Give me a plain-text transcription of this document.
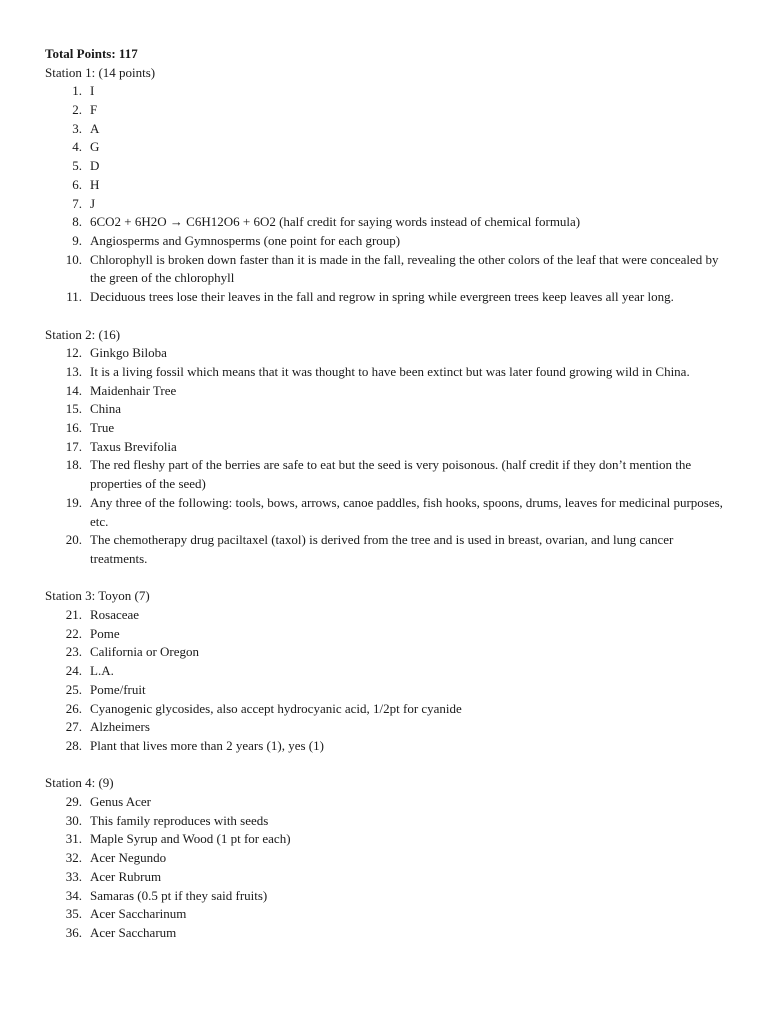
Total Points: 117
Station 1: (14 points)
1. I
2. F
3. A
4. G
5. D
6. H
7. J
8. 6CO2 + 6H2O → C6H12O6 + 6O2 (half credit for saying words instead of chemical formula)
9. Angiosperms and Gymnosperms (one point for each group)
10. Chlorophyll is broken down faster than it is made in the fall, revealing the other colors of the leaf that were concealed by the green of the chlorophyll
11. Deciduous trees lose their leaves in the fall and regrow in spring while evergreen trees keep leaves all year long.
Station 2: (16)
12. Ginkgo Biloba
13. It is a living fossil which means that it was thought to have been extinct but was later found growing wild in China.
14. Maidenhair Tree
15. China
16. True
17. Taxus Brevifolia
18. The red fleshy part of the berries are safe to eat but the seed is very poisonous. (half credit if they don’t mention the properties of the seed)
19. Any three of the following: tools, bows, arrows, canoe paddles, fish hooks, spoons, drums, leaves for medicinal purposes, etc.
20. The chemotherapy drug paciltaxel (taxol) is derived from the tree and is used in breast, ovarian, and lung cancer treatments.
Station 3: Toyon (7)
21. Rosaceae
22. Pome
23. California or Oregon
24. L.A.
25. Pome/fruit
26. Cyanogenic glycosides, also accept hydrocyanic acid, 1/2pt for cyanide
27. Alzheimers
28. Plant that lives more than 2 years (1), yes (1)
Station 4: (9)
29. Genus Acer
30. This family reproduces with seeds
31. Maple Syrup and Wood (1 pt for each)
32. Acer Negundo
33. Acer Rubrum
34. Samaras (0.5 pt if they said fruits)
35. Acer Saccharinum
36. Acer Saccharum
